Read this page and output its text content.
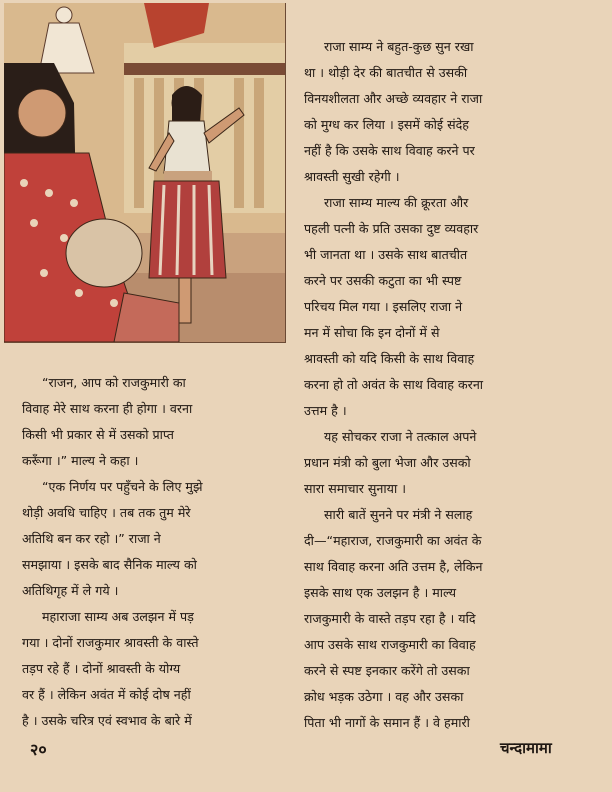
“राजन, आप को राजकुमारी का

विवाह मेरे साथ करना ही होगा । वरना

किसी भी प्रकार से में उसको प्राप्त

करूँगा ।” माल्य ने कहा ।

“एक निर्णय पर पहुँचने के लिए मुझे

थोड़ी अवधि चाहिए । तब तक तुम मेरे

अतिथि बन कर रहो ।” राजा ने

समझाया । इसके बाद सैनिक माल्य को

अतिथिगृह में ले गये ।

महाराजा साम्य अब उलझन में पड़

गया । दोनों राजकुमार श्रावस्ती के वास्ते

तड़प रहे हैं । दोनों श्रावस्ती के योग्य

वर हैं । लेकिन अवंत में कोई दोष नहीं

है । उसके चरित्र एवं स्वभाव के बारे में

राजा साम्य ने बहुत-कुछ सुन रखा

था । थोड़ी देर की बातचीत से उसकी

विनयशीलता और अच्छे व्यवहार ने राजा

को मुग्ध कर लिया । इसमें कोई संदेह

नहीं है कि उसके साथ विवाह करने पर

श्रावस्ती सुखी रहेगी ।

राजा साम्य माल्य की क्रूरता और

पहली पत्नी के प्रति उसका दुष्ट व्यवहार

भी जानता था । उसके साथ बातचीत

करने पर उसकी कटुता का भी स्पष्ट

परिचय मिल गया । इसलिए राजा ने

मन में सोचा कि इन दोनों में से

श्रावस्ती को यदि किसी के साथ विवाह

करना हो तो अवंत के साथ विवाह करना

उत्तम है ।

यह सोचकर राजा ने तत्काल अपने

प्रधान मंत्री को बुला भेजा और उसको

सारा समाचार सुनाया ।

सारी बातें सुनने पर मंत्री ने सलाह

दी—“महाराज, राजकुमारी का अवंत के

साथ विवाह करना अति उत्तम है, लेकिन

इसके साथ एक उलझन है । माल्य

राजकुमारी के वास्ते तड़प रहा है । यदि

आप उसके साथ राजकुमारी का विवाह

करने से स्पष्ट इनकार करेंगे तो उसका

क्रोध भड़क उठेगा । वह और उसका

पिता भी नागों के समान हैं । वे हमारी

२०	चन्दामामा
